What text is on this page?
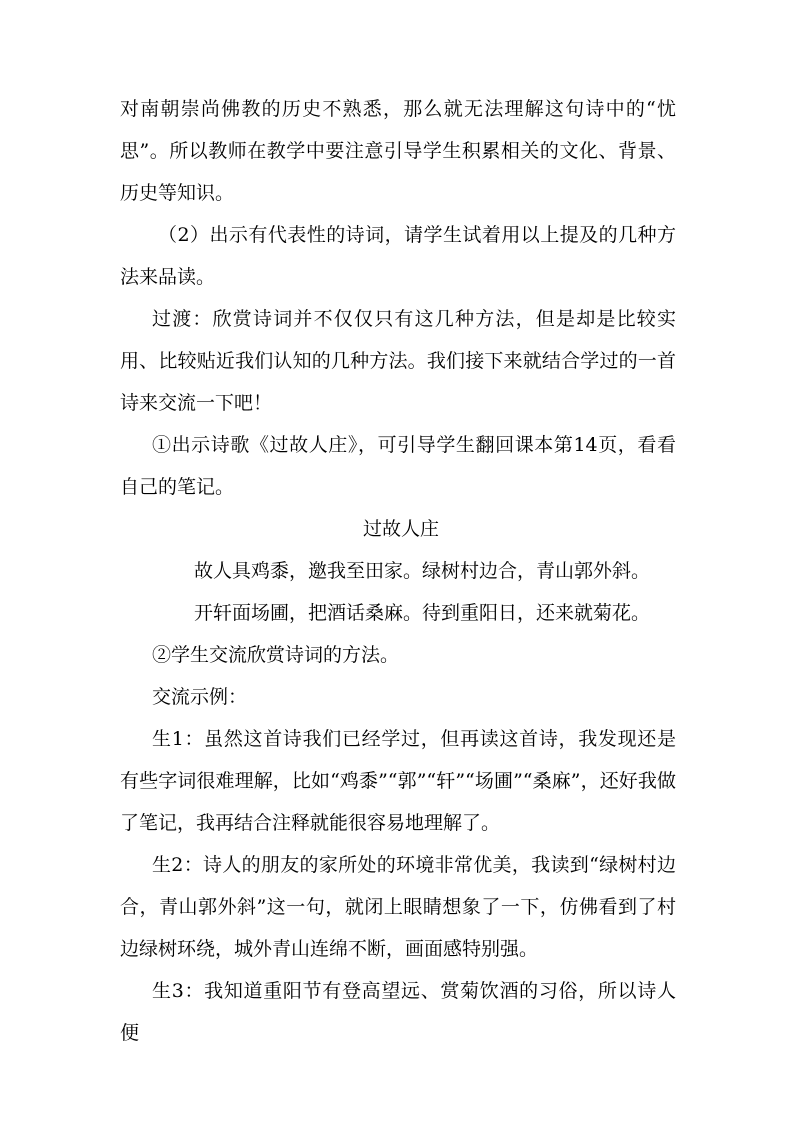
对南朝崇尚佛教的历史不熟悉，那么就无法理解这句诗中的“忧思”。所以教师在教学中要注意引导学生积累相关的文化、背景、历史等知识。

（2）出示有代表性的诗词，请学生试着用以上提及的几种方法来品读。

过渡：欣赏诗词并不仅仅只有这几种方法，但是却是比较实用、比较贴近我们认知的几种方法。我们接下来就结合学过的一首诗来交流一下吧！

①出示诗歌《过故人庄》，可引导学生翻回课本第14页，看看自己的笔记。

过故人庄

故人具鸡黍，邀我至田家。绿树村边合，青山郭外斜。

开轩面场圃，把酒话桑麻。待到重阳日，还来就菊花。

②学生交流欣赏诗词的方法。

交流示例：

生1：虽然这首诗我们已经学过，但再读这首诗，我发现还是有些字词很难理解，比如“鸡黍”“郭”“轩”“场圃”“桑麻”，还好我做了笔记，我再结合注释就能很容易地理解了。

生2：诗人的朋友的家所处的环境非常优美，我读到“绿树村边合，青山郭外斜”这一句，就闭上眼睛想象了一下，仿佛看到了村边绿树环绕，城外青山连绵不断，画面感特别强。

生3：我知道重阳节有登高望远、赏菊饮酒的习俗，所以诗人便
